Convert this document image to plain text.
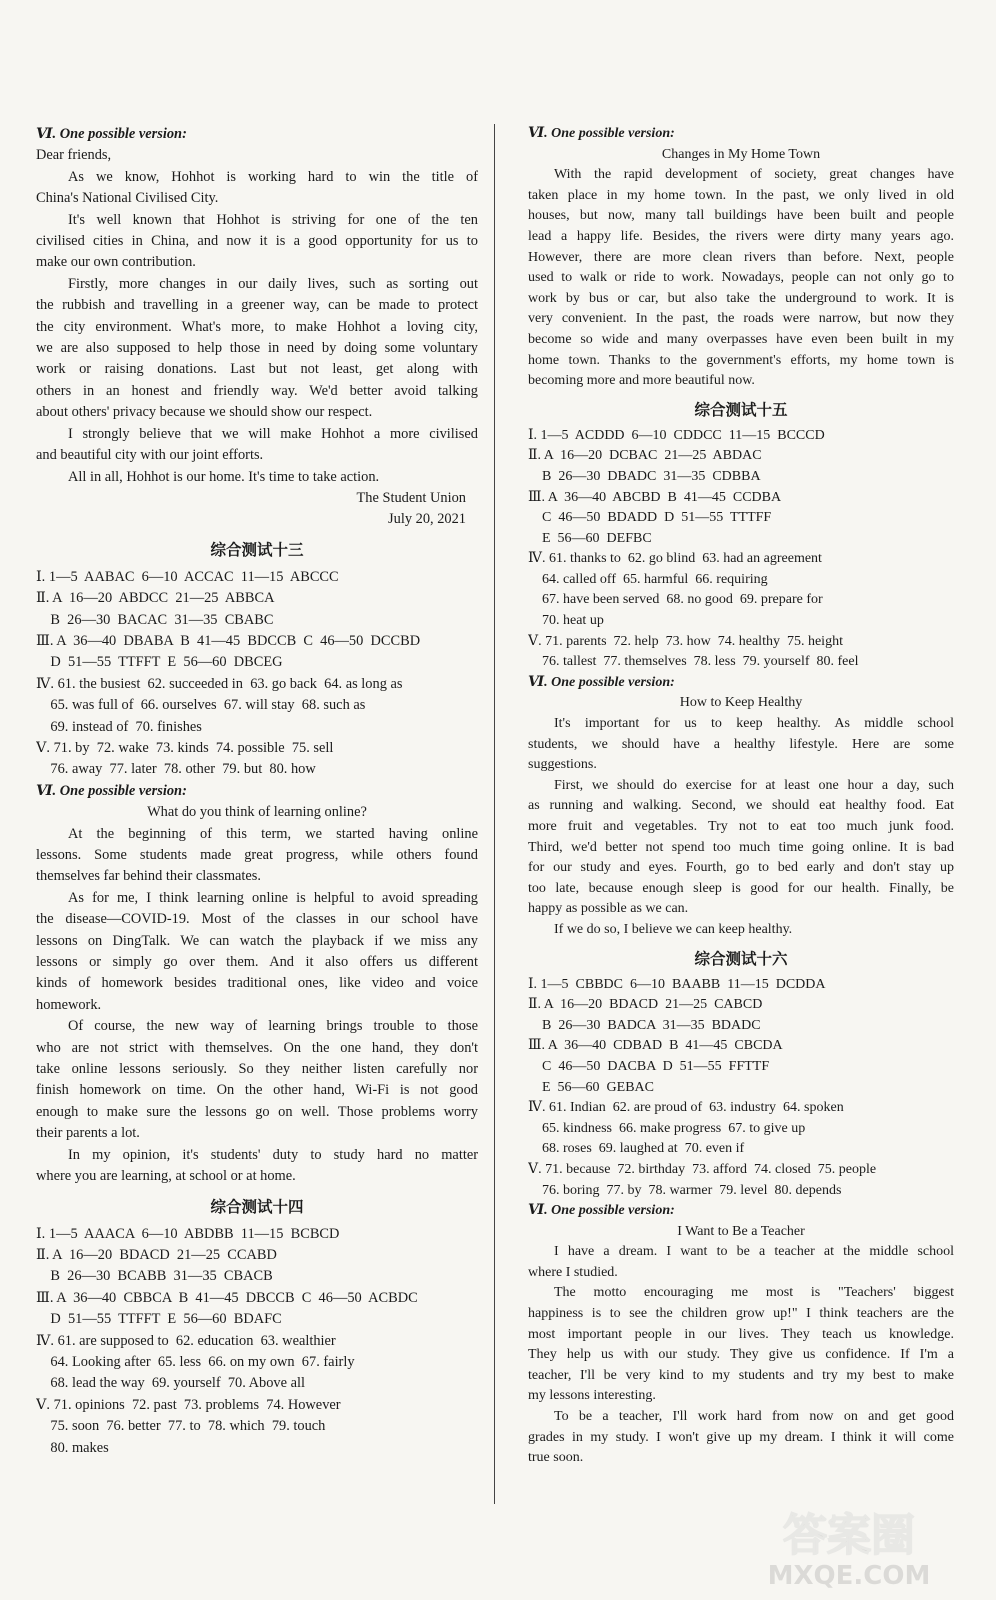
Ⅵ. One possible version:
Dear friends,
As we know, Hohhot is working hard to win the title of
China's National Civilised City.
It's well known that Hohhot is striving for one of the ten
civilised cities in China, and now it is a good opportunity for us to
make our own contribution.
Firstly, more changes in our daily lives, such as sorting out
the rubbish and travelling in a greener way, can be made to protect
the city environment. What's more, to make Hohhot a loving city,
we are also supposed to help those in need by doing some voluntary
work or raising donations. Last but not least, get along with
others in an honest and friendly way. We'd better avoid talking
about others' privacy because we should show our respect.
I strongly believe that we will make Hohhot a more civilised
and beautiful city with our joint efforts.
All in all, Hohhot is our home. It's time to take action.
The Student Union
July 20, 2021
综合测试十三
Ⅰ. 1—5  AABAC  6—10  ACCAC  11—15  ABCCC
Ⅱ. A  16—20  ABDCC  21—25  ABBCA
B  26—30  BACAC  31—35  CBABC
Ⅲ. A  36—40  DBABA  B  41—45  BDCCB  C  46—50  DCCBD
D  51—55  TTFFT  E  56—60  DBCEG
Ⅳ. 61. the busiest  62. succeeded in  63. go back  64. as long as
65. was full of  66. ourselves  67. will stay  68. such as
69. instead of  70. finishes
Ⅴ. 71. by  72. wake  73. kinds  74. possible  75. sell
76. away  77. later  78. other  79. but  80. how
Ⅵ. One possible version:
What do you think of learning online?
At the beginning of this term, we started having online
lessons. Some students made great progress, while others found
themselves far behind their classmates.
As for me, I think learning online is helpful to avoid spreading
the disease—COVID-19. Most of the classes in our school have
lessons on DingTalk. We can watch the playback if we miss any
lessons or simply go over them. And it also offers us different
kinds of homework besides traditional ones, like video and voice
homework.
Of course, the new way of learning brings trouble to those
who are not strict with themselves. On the one hand, they don't
take online lessons seriously. So they neither listen carefully nor
finish homework on time. On the other hand, Wi-Fi is not good
enough to make sure the lessons go on well. Those problems worry
their parents a lot.
In my opinion, it's students' duty to study hard no matter
where you are learning, at school or at home.
综合测试十四
Ⅰ. 1—5  AAACA  6—10  ABDBB  11—15  BCBCD
Ⅱ. A  16—20  BDACD  21—25  CCABD
B  26—30  BCABB  31—35  CBACB
Ⅲ. A  36—40  CBBCA  B  41—45  DBCCB  C  46—50  ACBDC
D  51—55  TTFFT  E  56—60  BDAFC
Ⅳ. 61. are supposed to  62. education  63. wealthier
64. Looking after  65. less  66. on my own  67. fairly
68. lead the way  69. yourself  70. Above all
Ⅴ. 71. opinions  72. past  73. problems  74. However
75. soon  76. better  77. to  78. which  79. touch
80. makes
Ⅵ. One possible version:
Changes in My Home Town
With the rapid development of society, great changes have
taken place in my home town. In the past, we only lived in old
houses, but now, many tall buildings have been built and people
lead a happy life. Besides, the rivers were dirty many years ago.
However, there are more clean rivers than before. Next, people
used to walk or ride to work. Nowadays, people can not only go to
work by bus or car, but also take the underground to work. It is
very convenient. In the past, the roads were narrow, but now they
become so wide and many overpasses have even been built in my
home town. Thanks to the government's efforts, my home town is
becoming more and more beautiful now.
综合测试十五
Ⅰ. 1—5  ACDDD  6—10  CDDCC  11—15  BCCCD
Ⅱ. A  16—20  DCBAC  21—25  ABDAC
B  26—30  DBADC  31—35  CDBBA
Ⅲ. A  36—40  ABCBD  B  41—45  CCDBA
C  46—50  BDADD  D  51—55  TTTFF
E  56—60  DEFBC
Ⅳ. 61. thanks to  62. go blind  63. had an agreement
64. called off  65. harmful  66. requiring
67. have been served  68. no good  69. prepare for
70. heat up
Ⅴ. 71. parents  72. help  73. how  74. healthy  75. height
76. tallest  77. themselves  78. less  79. yourself  80. feel
Ⅵ. One possible version:
How to Keep Healthy
It's important for us to keep healthy. As middle school
students, we should have a healthy lifestyle. Here are some
suggestions.
First, we should do exercise for at least one hour a day, such
as running and walking. Second, we should eat healthy food. Eat
more fruit and vegetables. Try not to eat too much junk food.
Third, we'd better not spend too much time going online. It is bad
for our study and eyes. Fourth, go to bed early and don't stay up
too late, because enough sleep is good for our health. Finally, be
happy as possible as we can.
If we do so, I believe we can keep healthy.
综合测试十六
Ⅰ. 1—5  CBBDC  6—10  BAABB  11—15  DCDDA
Ⅱ. A  16—20  BDACD  21—25  CABCD
B  26—30  BADCA  31—35  BDADC
Ⅲ. A  36—40  CDBAD  B  41—45  CBCDA
C  46—50  DACBA  D  51—55  FFTTF
E  56—60  GEBAC
Ⅳ. 61. Indian  62. are proud of  63. industry  64. spoken
65. kindness  66. make progress  67. to give up
68. roses  69. laughed at  70. even if
Ⅴ. 71. because  72. birthday  73. afford  74. closed  75. people
76. boring  77. by  78. warmer  79. level  80. depends
Ⅵ. One possible version:
I Want to Be a Teacher
I have a dream. I want to be a teacher at the middle school
where I studied.
The motto encouraging me most is "Teachers' biggest
happiness is to see the children grow up!" I think teachers are the
most important people in our lives. They teach us knowledge.
They help us with our study. They give us confidence. If I'm a
teacher, I'll be very kind to my students and try my best to make
my lessons interesting.
To be a teacher, I'll work hard from now on and get good
grades in my study. I won't give up my dream. I think it will come
true soon.
答案圈
MXQE.COM
